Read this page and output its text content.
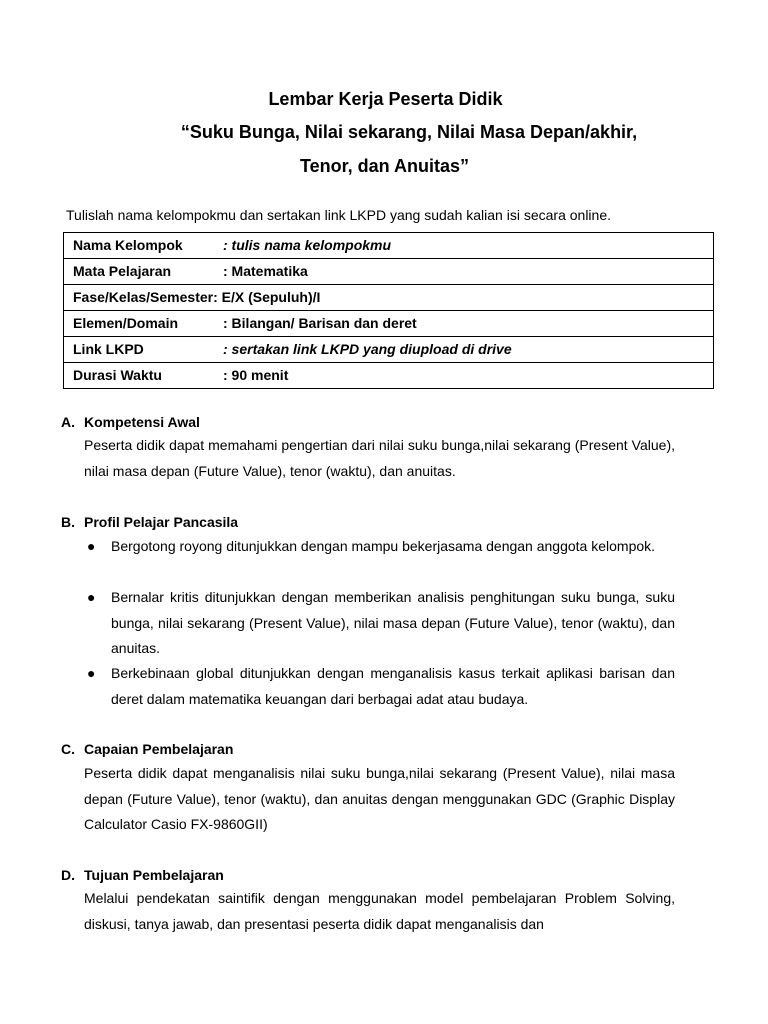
Lembar Kerja Peserta Didik
“Suku Bunga, Nilai sekarang, Nilai Masa Depan/akhir,
Tenor, dan Anuitas”
Tulislah nama kelompokmu dan sertakan link LKPD yang sudah kalian isi secara online.
Nama Kelompok	: tulis nama kelompokmu
Mata Pelajaran	: Matematika
Fase/Kelas/Semester: E/X (Sepuluh)/I	
Elemen/Domain	: Bilangan/ Barisan dan deret
Link LKPD	: sertakan link LKPD yang diupload di drive
Durasi Waktu	: 90 menit
A. Kompetensi Awal
Peserta didik dapat memahami pengertian dari nilai suku bunga,nilai sekarang (Present Value), nilai masa depan (Future Value), tenor (waktu), dan anuitas.
B. Profil Pelajar Pancasila
● Bergotong royong ditunjukkan dengan mampu bekerjasama dengan anggota kelompok.
● Bernalar kritis ditunjukkan dengan memberikan analisis penghitungan suku bunga, suku bunga, nilai sekarang (Present Value), nilai masa depan (Future Value), tenor (waktu), dan anuitas.
● Berkebinaan global ditunjukkan dengan menganalisis kasus terkait aplikasi barisan dan deret dalam matematika keuangan dari berbagai adat atau budaya.
C. Capaian Pembelajaran
Peserta didik dapat menganalisis nilai suku bunga,nilai sekarang (Present Value), nilai masa depan (Future Value), tenor (waktu), dan anuitas dengan menggunakan GDC (Graphic Display Calculator Casio FX-9860GII)
D. Tujuan Pembelajaran
Melalui pendekatan saintifik dengan menggunakan model pembelajaran Problem Solving, diskusi, tanya jawab, dan presentasi peserta didik dapat menganalisis dan
